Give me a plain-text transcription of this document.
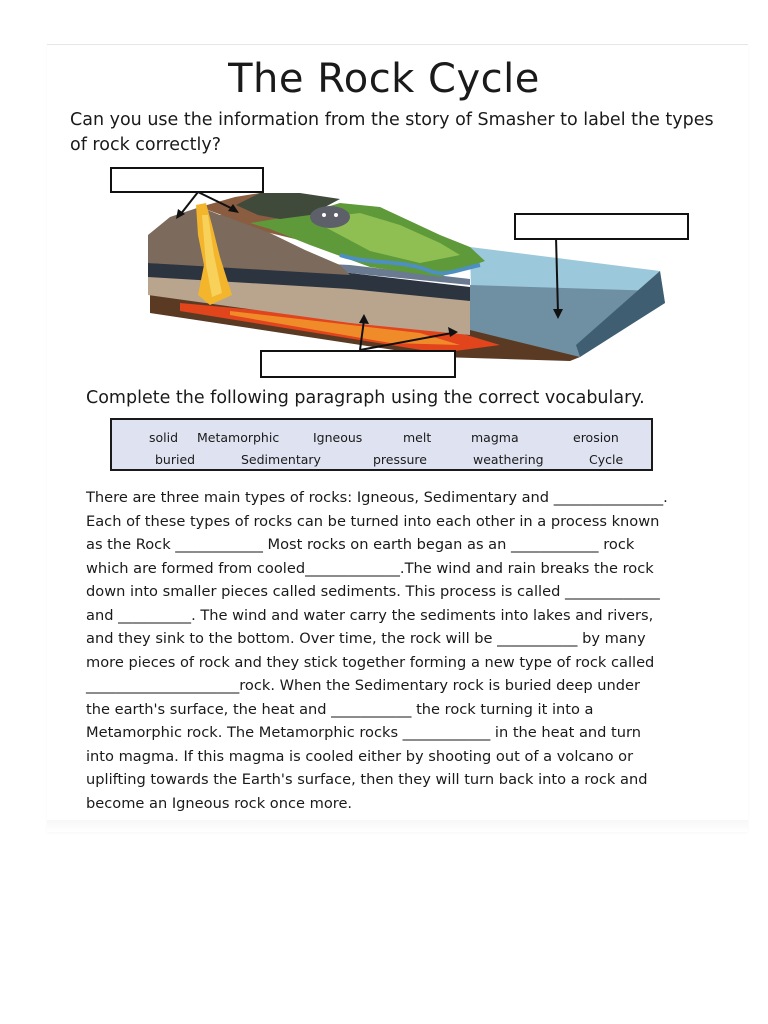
The Rock Cycle
Can you use the information from the story of Smasher to label the types of rock correctly?
Complete the following paragraph using the correct vocabulary.
solid Metamorphic	Igneous	melt	magma	erosion
buried	Sedimentary	pressure	weathering	Cycle
There are three main types of rocks: Igneous, Sedimentary and _______________.
Each of these types of rocks can be turned into each other in a process known
as the Rock ____________ Most rocks on earth began as an ____________ rock
which are formed from cooled_____________.The wind and rain breaks the rock
down into smaller pieces called sediments. This process is called _____________
and __________. The wind and water carry the sediments into lakes and rivers,
and they sink to the bottom. Over time, the rock will be ___________ by many
more pieces of rock and they stick together forming a new type of rock called
_____________________rock. When the Sedimentary rock is buried deep under
the earth's surface, the heat and ___________ the rock turning it into a
Metamorphic rock. The Metamorphic rocks ____________ in the heat and turn
into magma. If this magma is cooled either by shooting out of a volcano or
uplifting towards the Earth's surface, then they will turn back into a rock and
become an Igneous rock once more.
